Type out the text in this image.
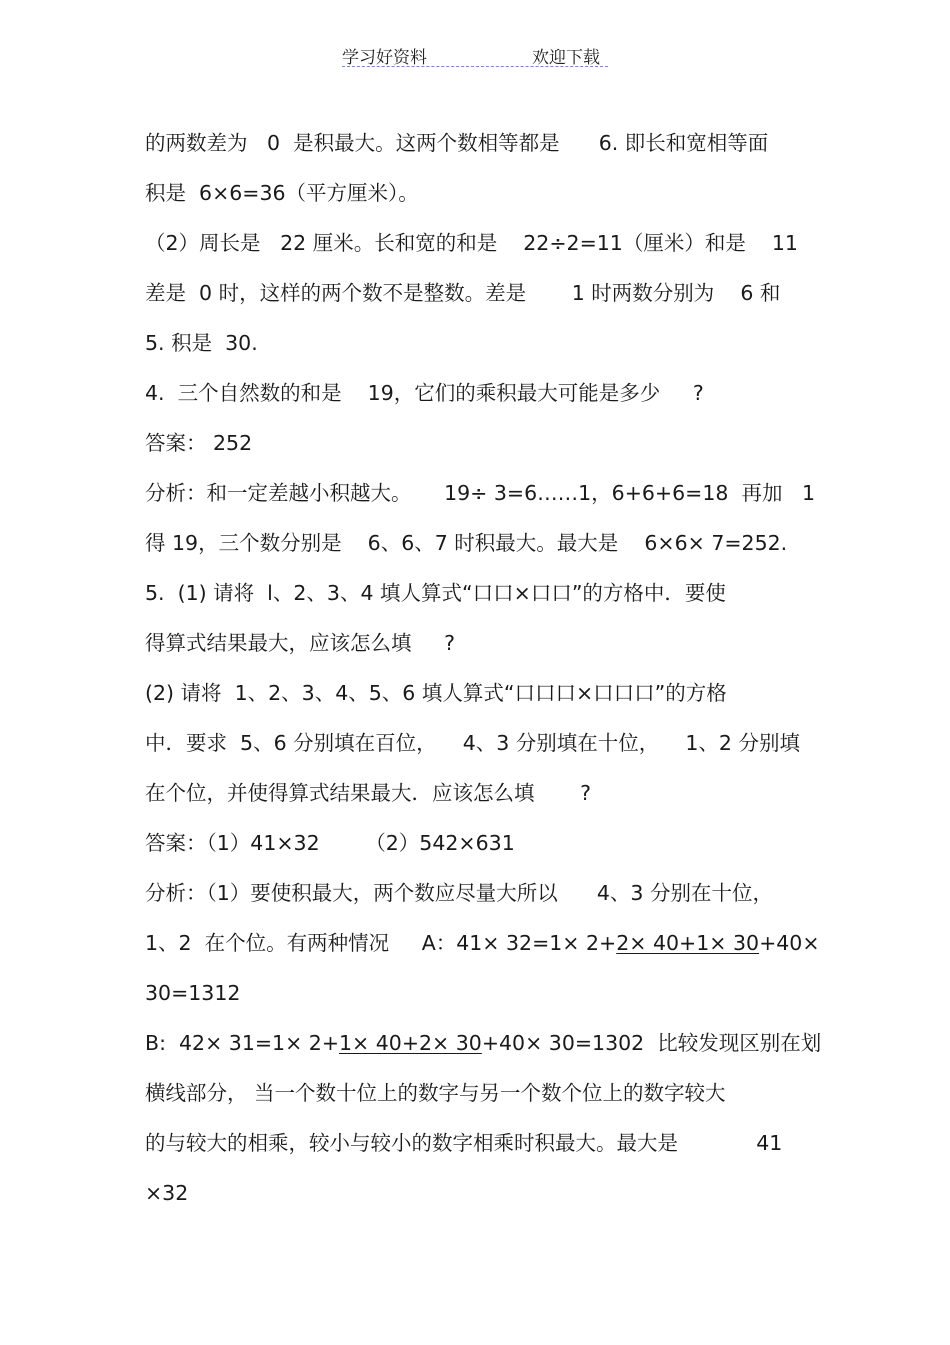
学习好资料	欢迎下载
的两数差为   0  是积最大。这两个数相等都是      6. 即长和宽相等面
积是  6×6=36（平方厘米）。
（2）周长是   22 厘米。长和宽的和是    22÷2=11（厘米）和是    11
差是  0 时，这样的两个数不是整数。差是       1 时两数分别为    6 和
5. 积是  30.
4.  三个自然数的和是    19，它们的乘积最大可能是多少     ?
答案： 252
分析：和一定差越小积越大。     19÷ 3=6……1，6+6+6=18  再加   1
得 19，三个数分别是    6、6、7 时积最大。最大是    6×6× 7=252.
5.  (1) 请将  l、2、3、4 填人算式“口口×口口”的方格中．要使
得算式结果最大，应该怎么填     ?
(2) 请将  1、2、3、4、5、6 填人算式“口口口×口口口”的方格
中．要求  5、6 分别填在百位，    4、3 分别填在十位，    1、2 分别填
在个位，并使得算式结果最大．应该怎么填       ?
答案：（1）41×32       （2）542×631
分析：（1）要使积最大，两个数应尽量大所以      4、3 分别在十位，
1、2  在个位。有两种情况     A：41× 32=1× 2+2× 40+1× 30+40×
30=1312
B:  42× 31=1× 2+1× 40+2× 30+40× 30=1302  比较发现区别在划
横线部分， 当一个数十位上的数字与另一个数个位上的数字较大
的与较大的相乘，较小与较小的数字相乘时积最大。最大是            41
×32
